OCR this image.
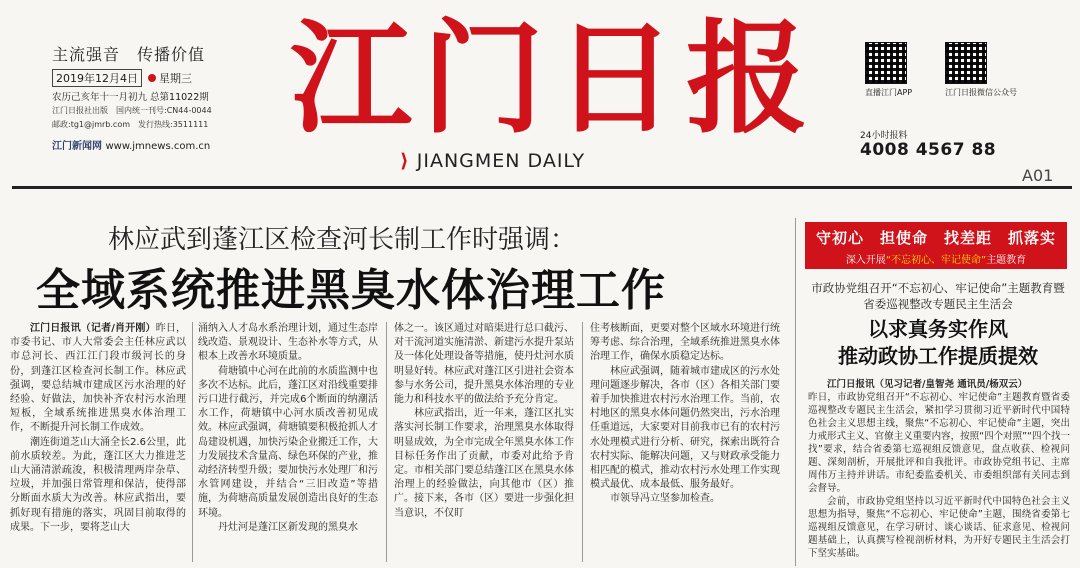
主流强音　传播价值
2019年12月4日	星期三
农历己亥年十一月初九 总第11022期
江门日报社出版　国内统一刊号:CN44-0044
邮政:tg1@jmrb.com　发行热线:3511111
江门新闻网 www.jmnews.com.cn 江门日报
⟩ JIANGMEN DAILY
直播江门APP	江门日报微信公众号
24小时报料
4008 4567 88
A01
林应武到蓬江区检查河长制工作时强调：
全域系统推进黑臭水体治理工作

江门日报讯（记者/肖开刚）昨日，市委书记、市人大常委会主任林应武以市总河长、西江江门段市级河长的身份，到蓬江区检查河长制工作。林应武强调，要总结城市建成区污水治理的好经验、好做法，加快补齐农村污水治理短板，全域系统推进黑臭水体治理工作，不断提升河长制工作成效。

潮连街道芝山大涌全长2.6公里，此前水质较差。为此，蓬江区大力推进芝山大涌清淤疏浚，积极清理两岸杂草、垃圾，并加强日常管理和保洁，使得部分断面水质大为改善。林应武指出，要抓好现有措施的落实，巩固目前取得的成果。下一步，要将芝山大

涌纳入人才岛水系治理计划，通过生态岸线改造、景观设计、生态补水等方式，从根本上改善水环境质量。

荷塘镇中心河在此前的水质监测中也多次不达标。此后，蓬江区对沿线重要排污口进行截污，并完成6个断面的纳潮活水工作，荷塘镇中心河水质改善初见成效。林应武强调，荷塘镇要积极抢抓人才岛建设机遇，加快污染企业搬迁工作，大力发展技术含量高、绿色环保的产业，推动经济转型升级；要加快污水处理厂和污水管网建设，并结合“三旧改造”等措施，为荷塘高质量发展创造出良好的生态环境。

丹灶河是蓬江区新发现的黑臭水

体之一。该区通过对暗渠进行总口截污、对干流河道实施清淤、新建污水提升泵站及一体化处理设备等措施，使丹灶河水质明显好转。林应武对蓬江区引进社会资本参与水务公司，提升黑臭水体治理的专业能力和科技水平的做法给予充分肯定。

林应武指出，近一年来，蓬江区扎实落实河长制工作要求，治理黑臭水体取得明显成效，为全市完成全年黑臭水体工作目标任务作出了贡献，市委对此给予肯定。市相关部门要总结蓬江区在黑臭水体治理上的经验做法，向其他市（区）推广。接下来，各市（区）要进一步强化担当意识，不仅盯

住考核断面，更要对整个区域水环境进行统筹考虑、综合治理，全域系统推进黑臭水体治理工作，确保水质稳定达标。

林应武强调，随着城市建成区的污水处理问题逐步解决，各市（区）各相关部门要着手加快推进农村污水治理工作。当前，农村地区的黑臭水体问题仍然突出，污水治理任重道远，大家要对目前我市已有的农村污水处理模式进行分析、研究，探索出既符合农村实际、能解决问题，又与财政承受能力相匹配的模式，推动农村污水处理工作实现模式最优、成本最低、服务最好。

市领导冯立坚参加检查。

守初心　担使命　找差距　抓落实
深入开展“不忘初心、牢记使命”主题教育
市政协党组召开“不忘初心、牢记使命”主题教育暨省委巡视整改专题民主生活会
以求真务实作风
推动政协工作提质提效

江门日报讯（见习记者/皇智尧 通讯员/杨双云）

昨日，市政协党组召开“不忘初心、牢记使命”主题教育暨省委巡视整改专题民主生活会，紧扣学习贯彻习近平新时代中国特色社会主义思想主线，聚焦“不忘初心、牢记使命”主题，突出力戒形式主义、官僚主义重要内容，按照“四个对照”“四个找一找”要求，结合省委第七巡视组反馈意见，盘点收获、检视问题、深刻剖析，开展批评和自我批评。市政协党组书记、主席周伟万主持并讲话。市纪委监委机关、市委组织部有关同志到会督导。

会前，市政协党组坚持以习近平新时代中国特色社会主义思想为指导，聚焦“不忘初心、牢记使命”主题，围绕省委第七巡视组反馈意见，在学习研讨、谈心谈话、征求意见、检视问题基础上，认真撰写检视剖析材料，为开好专题民主生活会打下坚实基础。
